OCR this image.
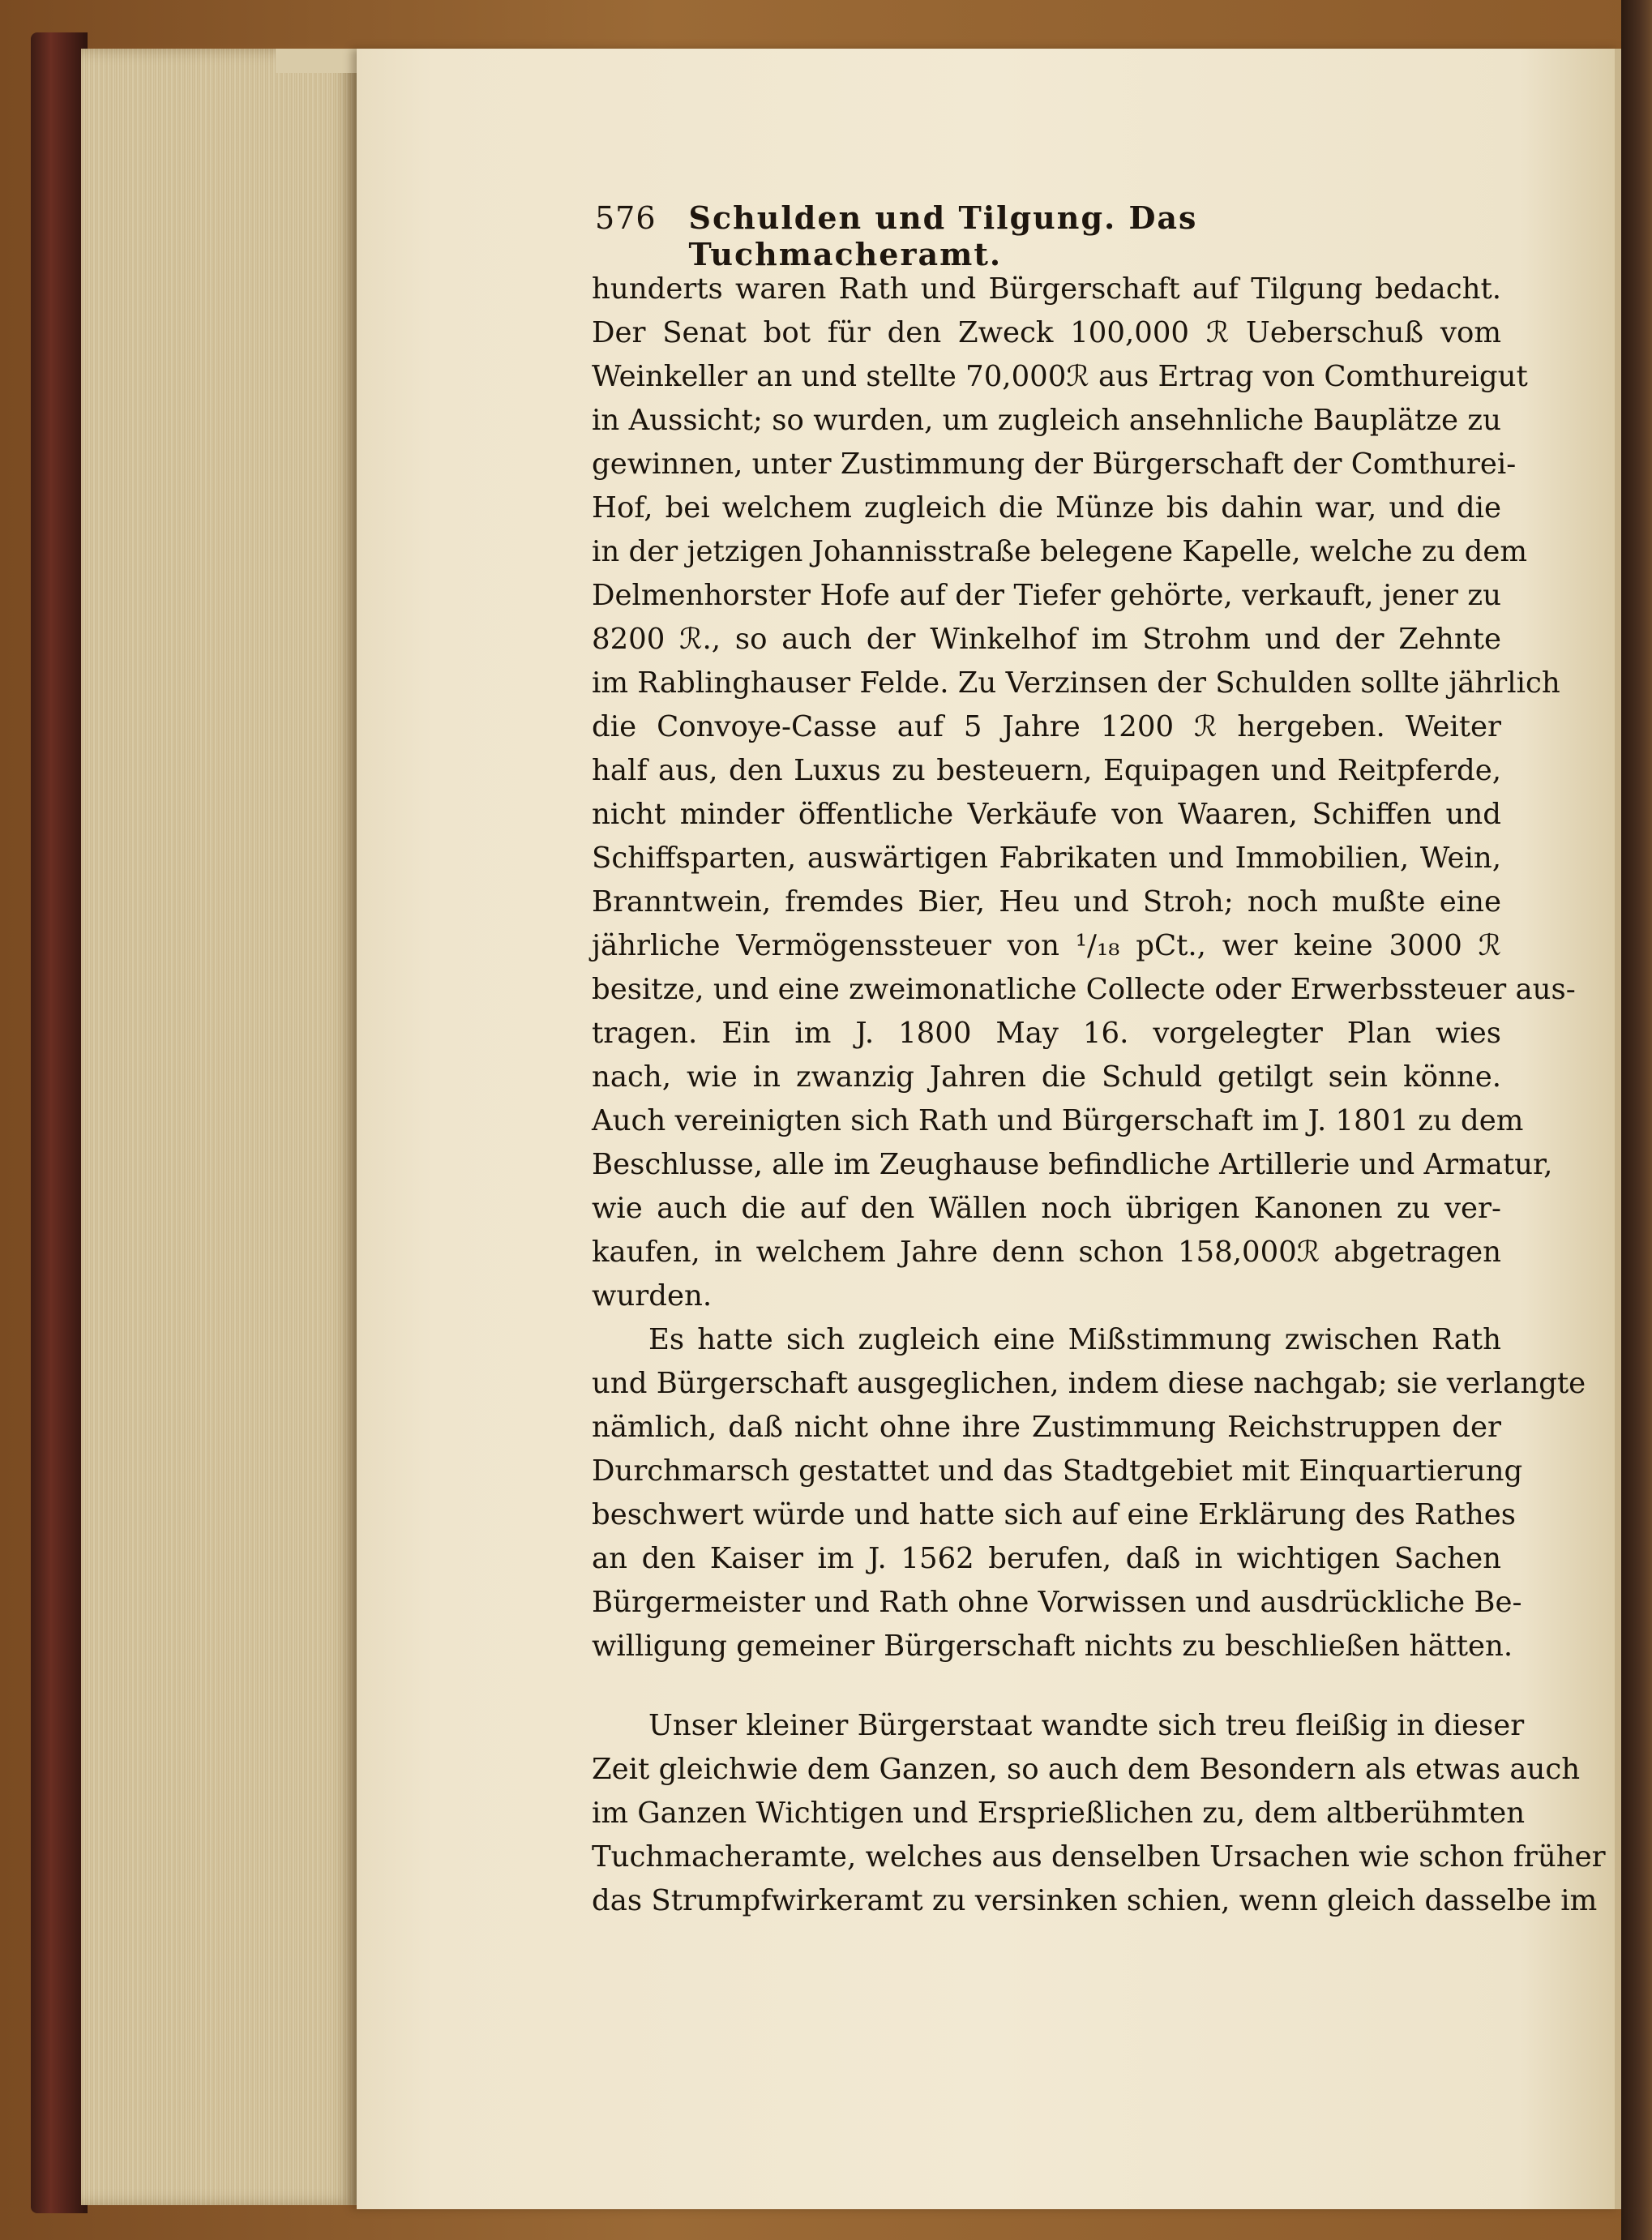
576 Schulden und Tilgung. Das Tuchmacheramt.
hunderts waren Rath und Bürgerschaft auf Tilgung bedacht.
Der Senat bot für den Zweck 100,000 ℛ Ueberschuß vom
Weinkeller an und stellte 70,000ℛ aus Ertrag von Comthureigut
in Aussicht; so wurden, um zugleich ansehnliche Bauplätze zu
gewinnen, unter Zustimmung der Bürgerschaft der Comthurei-
Hof, bei welchem zugleich die Münze bis dahin war, und die
in der jetzigen Johannisstraße belegene Kapelle, welche zu dem
Delmenhorster Hofe auf der Tiefer gehörte, verkauft, jener zu
8200 ℛ., so auch der Winkelhof im Strohm und der Zehnte
im Rablinghauser Felde. Zu Verzinsen der Schulden sollte jährlich
die Convoye-Casse auf 5 Jahre 1200 ℛ hergeben. Weiter
half aus, den Luxus zu besteuern, Equipagen und Reitpferde,
nicht minder öffentliche Verkäufe von Waaren, Schiffen und
Schiffsparten, auswärtigen Fabrikaten und Immobilien, Wein,
Branntwein, fremdes Bier, Heu und Stroh; noch mußte eine
jährliche Vermögenssteuer von ¹/₁₈ pCt., wer keine 3000 ℛ
besitze, und eine zweimonatliche Collecte oder Erwerbssteuer aus-
tragen. Ein im J. 1800 May 16. vorgelegter Plan wies
nach, wie in zwanzig Jahren die Schuld getilgt sein könne.
Auch vereinigten sich Rath und Bürgerschaft im J. 1801 zu dem
Beschlusse, alle im Zeughause befindliche Artillerie und Armatur,
wie auch die auf den Wällen noch übrigen Kanonen zu ver-
kaufen, in welchem Jahre denn schon 158,000ℛ abgetragen
wurden.
Es hatte sich zugleich eine Mißstimmung zwischen Rath
und Bürgerschaft ausgeglichen, indem diese nachgab; sie verlangte
nämlich, daß nicht ohne ihre Zustimmung Reichstruppen der
Durchmarsch gestattet und das Stadtgebiet mit Einquartierung
beschwert würde und hatte sich auf eine Erklärung des Rathes
an den Kaiser im J. 1562 berufen, daß in wichtigen Sachen
Bürgermeister und Rath ohne Vorwissen und ausdrückliche Be-
willigung gemeiner Bürgerschaft nichts zu beschließen hätten.
Unser kleiner Bürgerstaat wandte sich treu fleißig in dieser
Zeit gleichwie dem Ganzen, so auch dem Besondern als etwas auch
im Ganzen Wichtigen und Ersprießlichen zu, dem altberühmten
Tuchmacheramte, welches aus denselben Ursachen wie schon früher
das Strumpfwirkeramt zu versinken schien, wenn gleich dasselbe im
